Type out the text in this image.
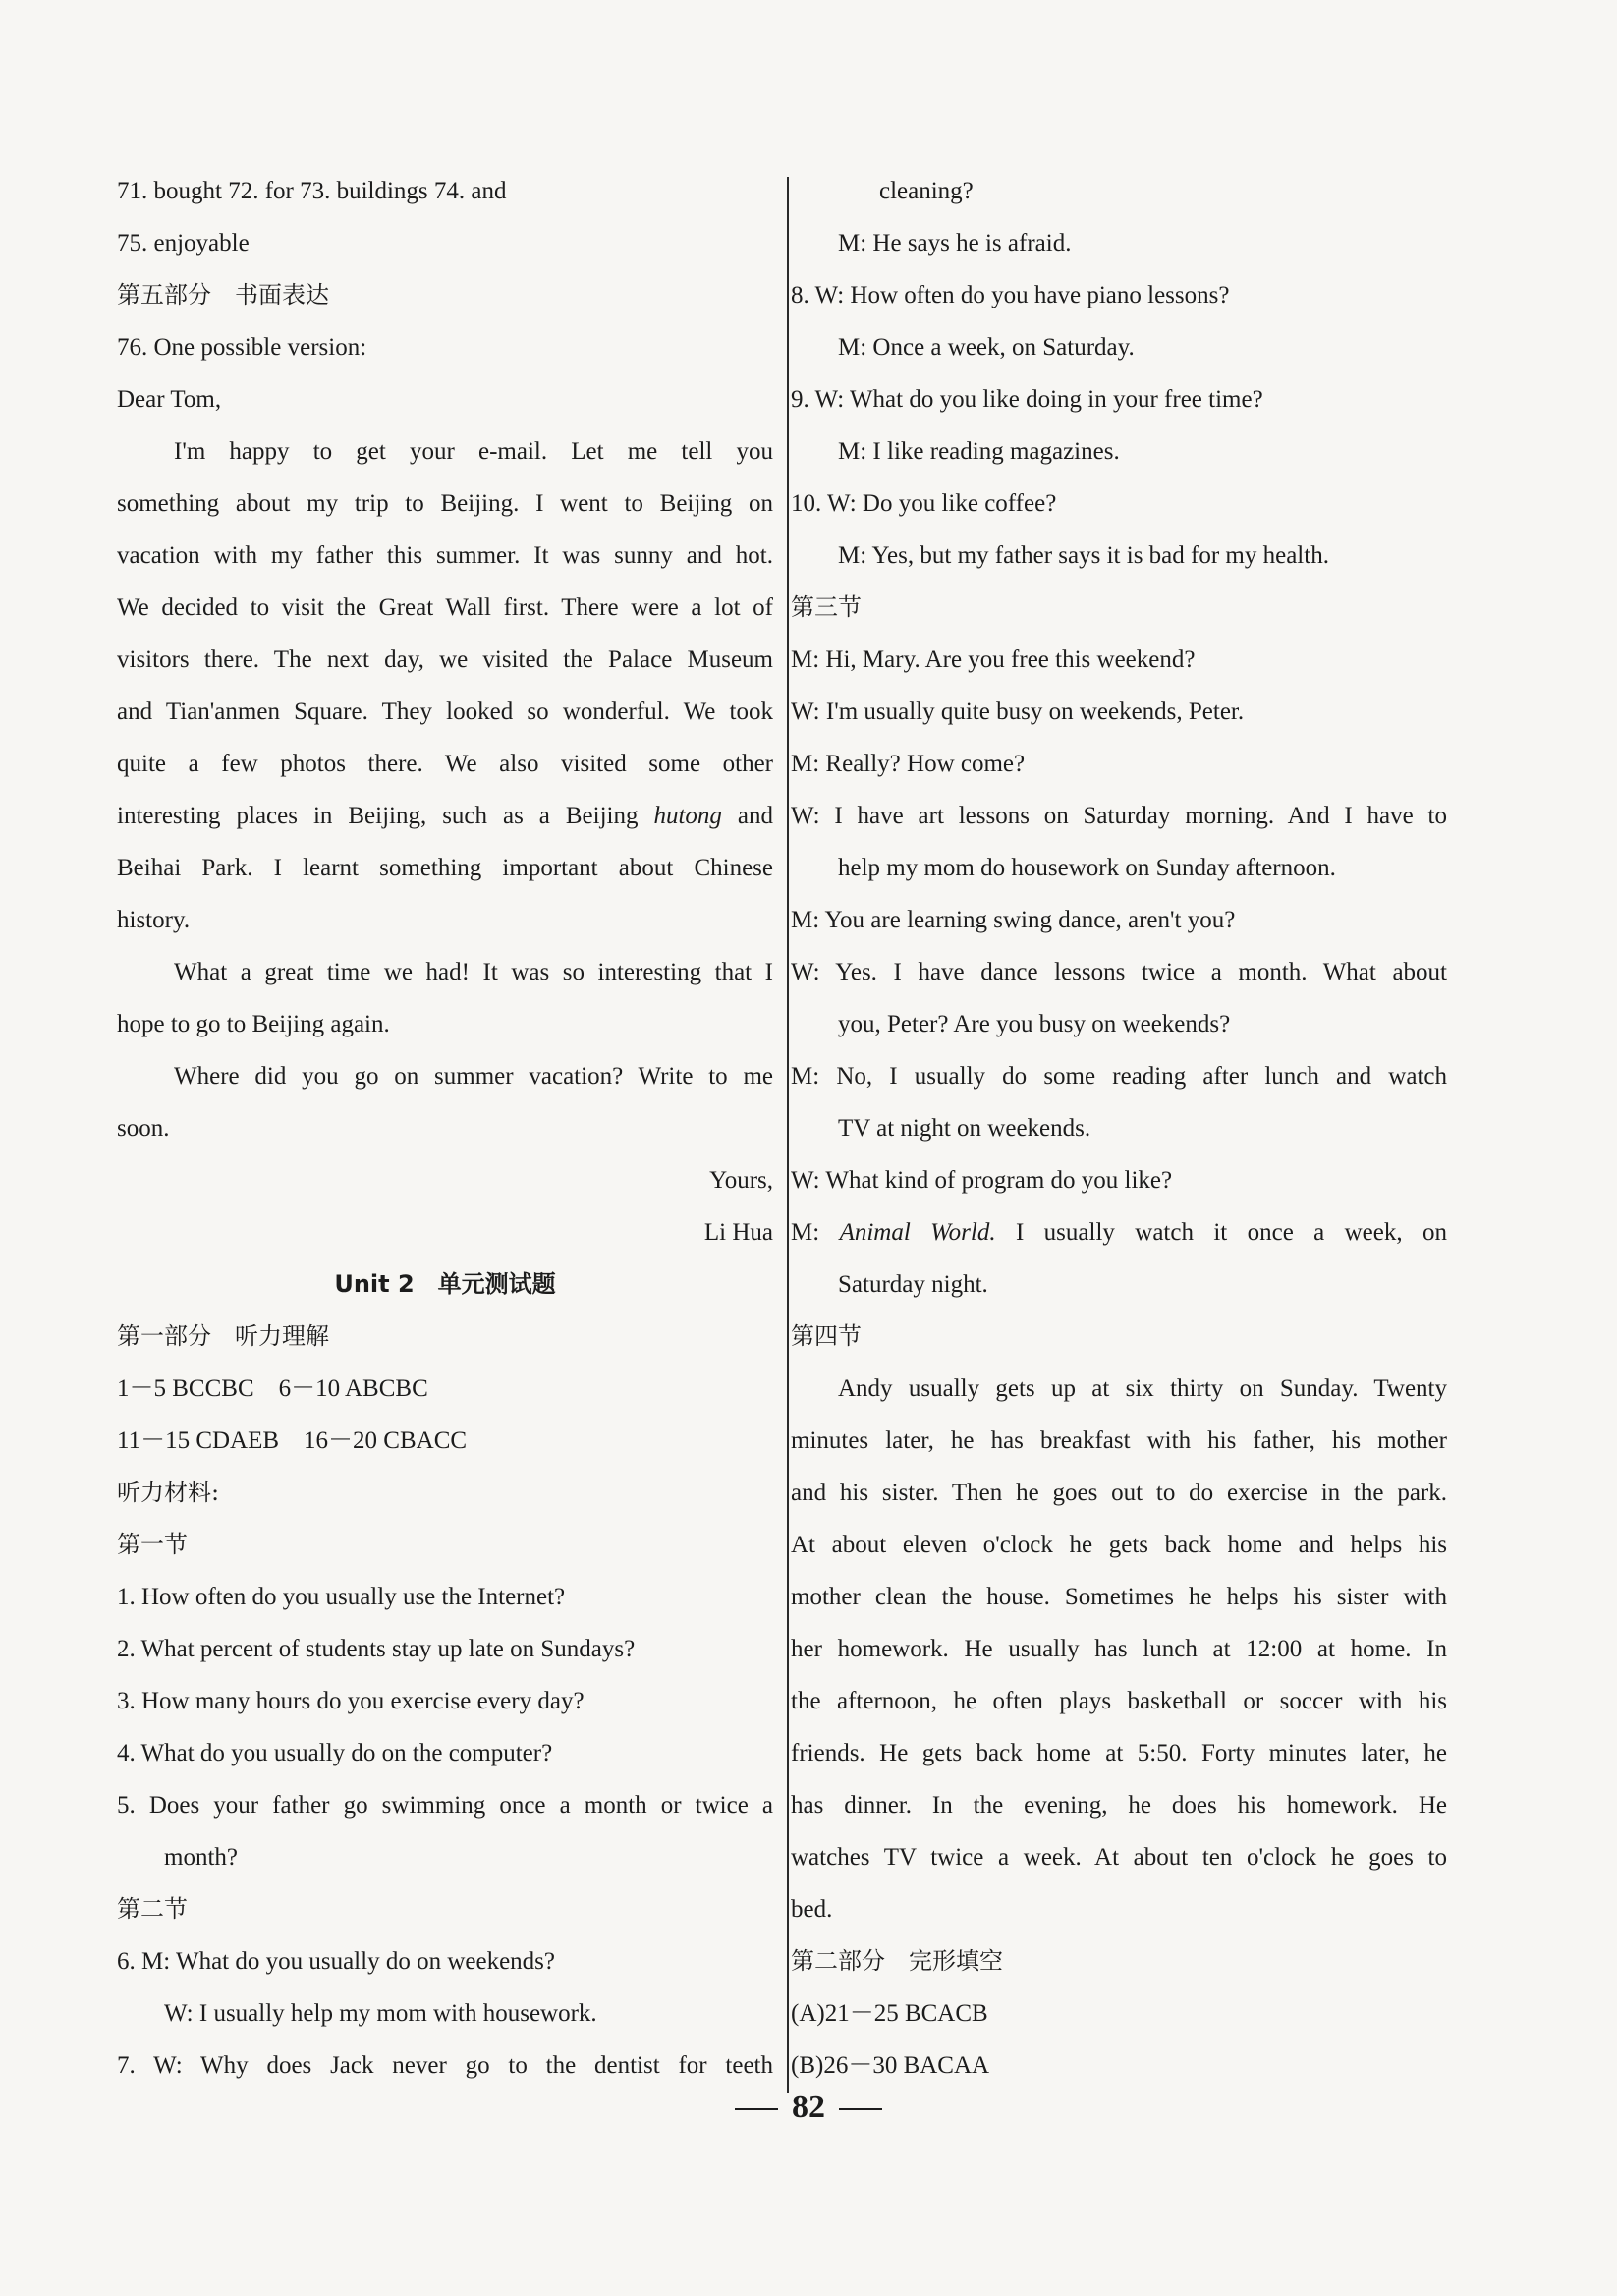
71. bought 72. for 73. buildings 74. and
75. enjoyable
第五部分　书面表达
76. One possible version:
Dear Tom,
I'm happy to get your e-mail. Let me tell you
something about my trip to Beijing. I went to Beijing on
vacation with my father this summer. It was sunny and hot.
We decided to visit the Great Wall first. There were a lot of
visitors there. The next day, we visited the Palace Museum
and Tian'anmen Square. They looked so wonderful. We took
quite a few photos there. We also visited some other
interesting places in Beijing, such as a Beijing hutong and
Beihai Park. I learnt something important about Chinese
history.
What a great time we had! It was so interesting that I
hope to go to Beijing again.
Where did you go on summer vacation? Write to me
soon.
Yours,
Li Hua
Unit 2　单元测试题
第一部分　听力理解
1－5 BCCBC　6－10 ABCBC
11－15 CDAEB　16－20 CBACC
听力材料:
第一节
1. How often do you usually use the Internet?
2. What percent of students stay up late on Sundays?
3. How many hours do you exercise every day?
4. What do you usually do on the computer?
5. Does your father go swimming once a month or twice a
month?
第二节
6. M: What do you usually do on weekends?
W: I usually help my mom with housework.
7. W: Why does Jack never go to the dentist for teeth
cleaning?
M: He says he is afraid.
8. W: How often do you have piano lessons?
M: Once a week, on Saturday.
9. W: What do you like doing in your free time?
M: I like reading magazines.
10. W: Do you like coffee?
M: Yes, but my father says it is bad for my health.
第三节
M: Hi, Mary. Are you free this weekend?
W: I'm usually quite busy on weekends, Peter.
M: Really? How come?
W: I have art lessons on Saturday morning. And I have to
help my mom do housework on Sunday afternoon.
M: You are learning swing dance, aren't you?
W: Yes. I have dance lessons twice a month. What about
you, Peter? Are you busy on weekends?
M: No, I usually do some reading after lunch and watch
TV at night on weekends.
W: What kind of program do you like?
M: Animal World. I usually watch it once a week, on
Saturday night.
第四节
Andy usually gets up at six thirty on Sunday. Twenty
minutes later, he has breakfast with his father, his mother
and his sister. Then he goes out to do exercise in the park.
At about eleven o'clock he gets back home and helps his
mother clean the house. Sometimes he helps his sister with
her homework. He usually has lunch at 12:00 at home. In
the afternoon, he often plays basketball or soccer with his
friends. He gets back home at 5:50. Forty minutes later, he
has dinner. In the evening, he does his homework. He
watches TV twice a week. At about ten o'clock he goes to
bed.
第二部分　完形填空
(A)21－25 BCACB
(B)26－30 BACAA
82
